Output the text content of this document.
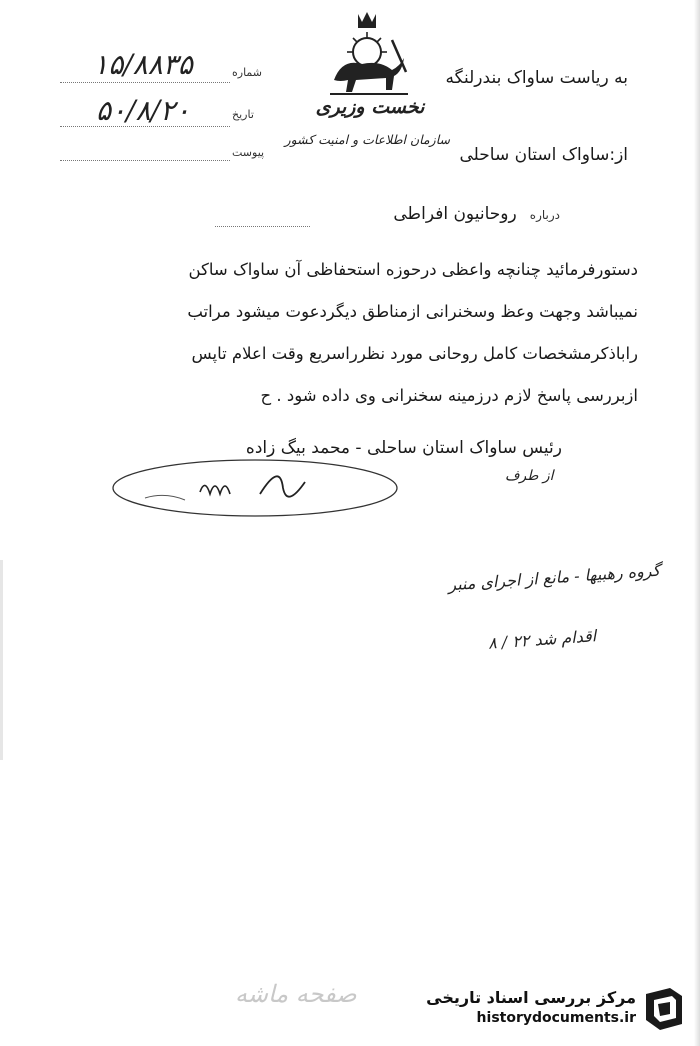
نخست وزیری
سازمان اطلاعات و امنیت کشور
به ریاست ساواک بندرلنگه
از:ساواک استان ساحلی
شماره
۱۵/۸۸۳۵
تاریخ
۵۰/۸/۲۰
پیوست
درباره روحانیون افراطی
دستورفرمائید چنانچه واعظی درحوزه استحفاظی آن ساواک ساکن
نمیباشد وجهت وعظ وسخنرانی ازمناطق دیگردعوت میشود مراتب
راباذکرمشخصات کامل روحانی مورد نظرراسریع وقت اعلام تاپس
ازبررسی پاسخ لازم درزمینه سخنرانی وی داده شود . ح
رئیس ساواک استان ساحلی - محمد بیگ زاده
از طرف
گروه رهبیها - مانع از اجرای منبر
اقدام شد ۲۲ / ۸
صفحه ماشه	مرکز بررسی اسناد تاریخی
historydocuments.ir
